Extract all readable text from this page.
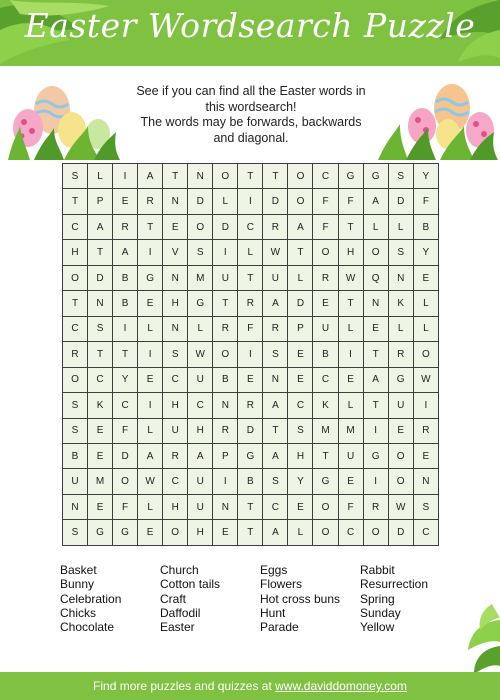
Easter Wordsearch Puzzle
See if you can find all the Easter words in
this wordsearch!
The words may be forwards, backwards
and diagonal.
S	L	I	A	T	N	O	T	T	O	C	G	G	S	Y
T	P	E	R	N	D	L	I	D	O	F	F	A	D	F
C	A	R	T	E	O	D	C	R	A	F	T	L	L	B
H	T	A	I	V	S	I	L	W	T	O	H	O	S	Y
O	D	B	G	N	M	U	T	U	L	R	W	Q	N	E
T	N	B	E	H	G	T	R	A	D	E	T	N	K	L
C	S	I	L	N	L	R	F	R	P	U	L	E	L	L
R	T	T	I	S	W	O	I	S	E	B	I	T	R	O
O	C	Y	E	C	U	B	E	N	E	C	E	A	G	W
S	K	C	I	H	C	N	R	A	C	K	L	T	U	I
S	E	F	L	U	H	R	D	T	S	M	M	I	E	R
B	E	D	A	R	A	P	G	A	H	T	U	G	O	E
U	M	O	W	C	U	I	B	S	Y	G	E	I	O	N
N	E	F	L	H	U	N	T	C	E	O	F	R	W	S
S	G	G	E	O	H	E	T	A	L	O	C	O	D	C
Basket
Bunny
Celebration
Chicks
Chocolate
Church
Cotton tails
Craft
Daffodil
Easter
Eggs
Flowers
Hot cross buns
Hunt
Parade
Rabbit
Resurrection
Spring
Sunday
Yellow
Find more puzzles and quizzes at www.daviddomoney.com
